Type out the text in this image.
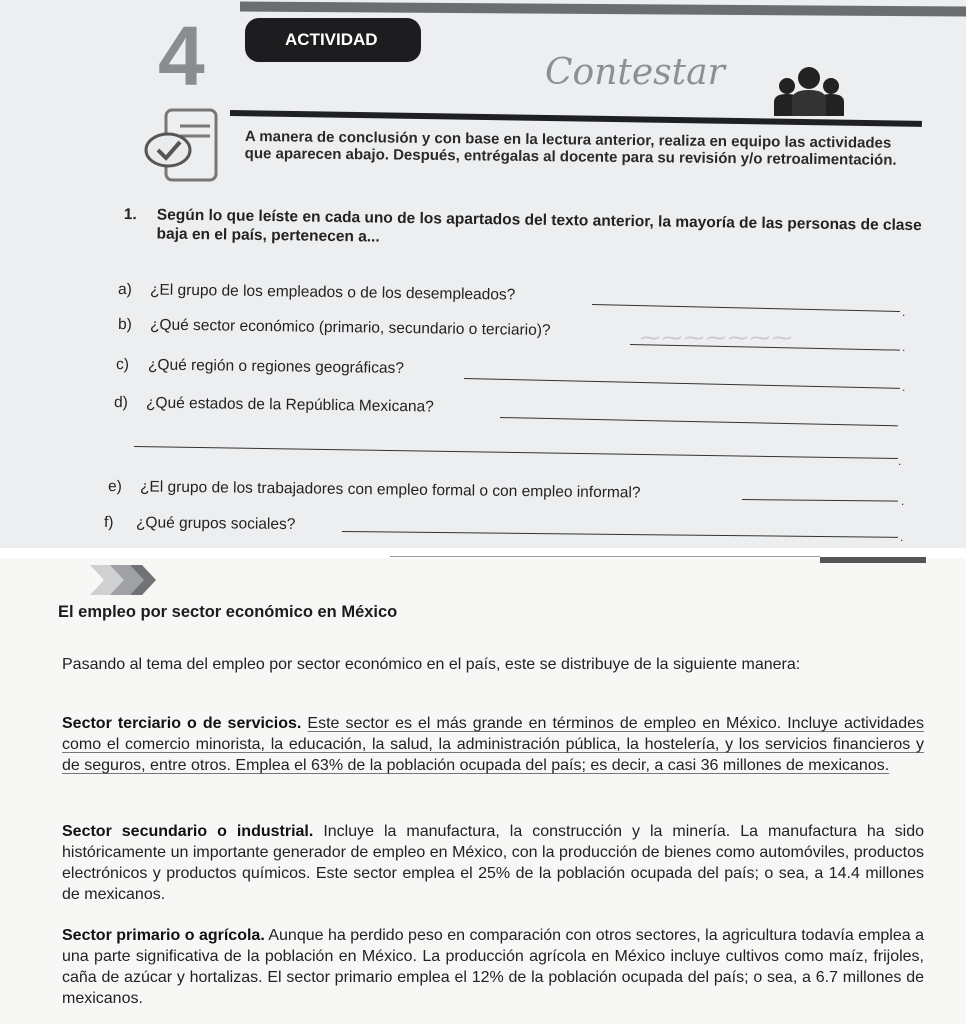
4	ACTIVIDAD
Contestar
A manera de conclusión y con base en la lectura anterior, realiza en equipo las actividades que aparecen abajo. Después, entrégalas al docente para su revisión y/o retroalimentación.
1. Según lo que leíste en cada uno de los apartados del texto anterior, la mayoría de las personas de clase baja en el país, pertenecen a...
a) ¿El grupo de los empleados o de los desempleados?
.
b) ¿Qué sector económico (primario, secundario o terciario)?	⁓⁓⁓⁓⁓⁓⁓	.
c) ¿Qué región o regiones geográficas?
.
d) ¿Qué estados de la República Mexicana?
.
e) ¿El grupo de los trabajadores con empleo formal o con empleo informal?	.
f) ¿Qué grupos sociales?
.
El empleo por sector económico en México
Pasando al tema del empleo por sector económico en el país, este se distribuye de la siguiente manera:
Sector terciario o de servicios. Este sector es el más grande en términos de empleo en México. Incluye actividades como el comercio minorista, la educación, la salud, la administración pública, la hostelería, y los servicios financieros y de seguros, entre otros. Emplea el 63% de la población ocupada del país; es decir, a casi 36 millones de mexicanos.
Sector secundario o industrial. Incluye la manufactura, la construcción y la minería. La manufactura ha sido históricamente un importante generador de empleo en México, con la producción de bienes como automóviles, productos electrónicos y productos químicos. Este sector emplea el 25% de la población ocupada del país; o sea, a 14.4 millones de mexicanos.
Sector primario o agrícola. Aunque ha perdido peso en comparación con otros sectores, la agricultura todavía emplea a una parte significativa de la población en México. La producción agrícola en México incluye cultivos como maíz, frijoles, caña de azúcar y hortalizas. El sector primario emplea el 12% de la población ocupada del país; o sea, a 6.7 millones de mexicanos.
